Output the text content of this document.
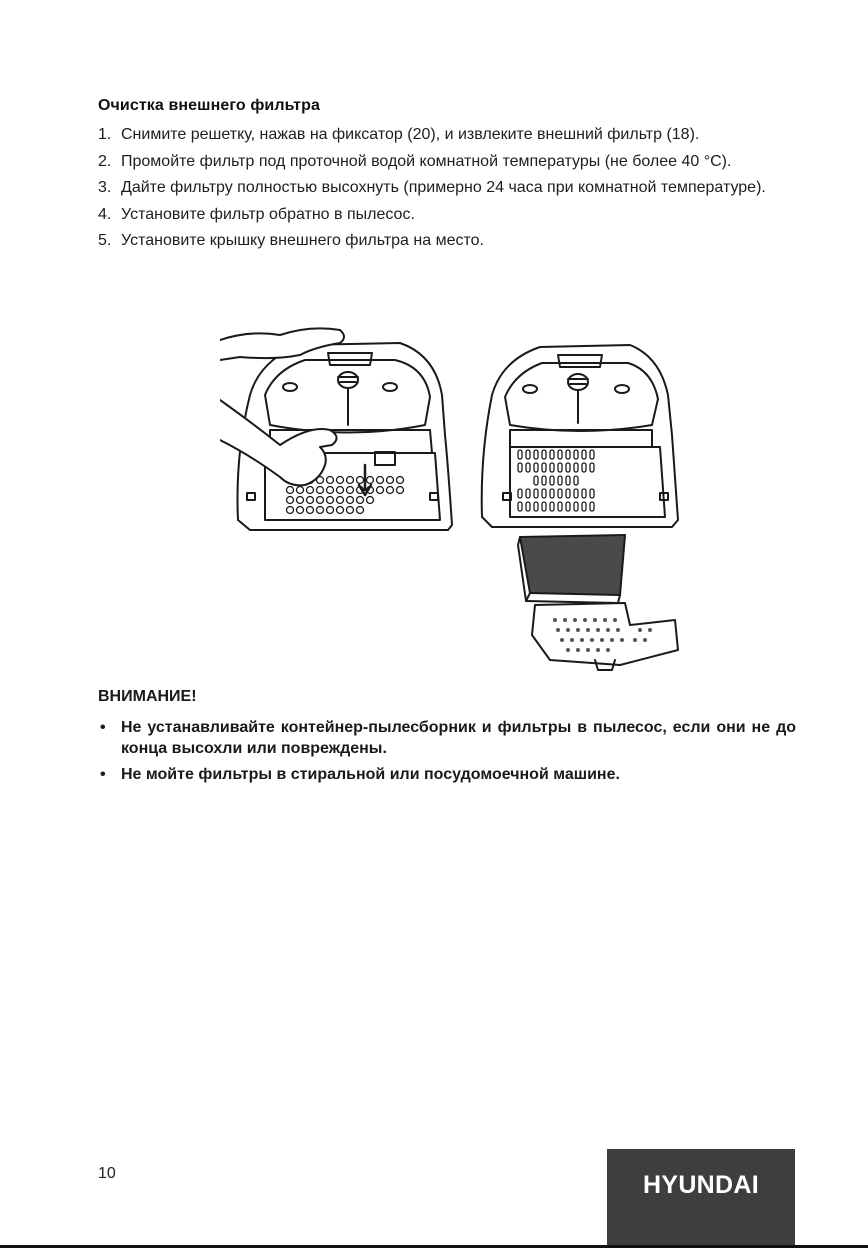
Очистка внешнего фильтра
1. Снимите решетку, нажав на фиксатор (20), и извлеките внешний фильтр (18).
2. Промойте фильтр под проточной водой комнатной температуры (не более 40 °C).
3. Дайте фильтру полностью высохнуть (примерно 24 часа при комнатной температуре).
4. Установите фильтр обратно в пылесос.
5. Установите крышку внешнего фильтра на место.
ВНИМАНИЕ!
• Не устанавливайте контейнер-пылесборник и фильтры в пылесос, если они не до конца высохли или повреждены.
• Не мойте фильтры в стиральной или посудомоечной машине.
10	HYUNDAI
